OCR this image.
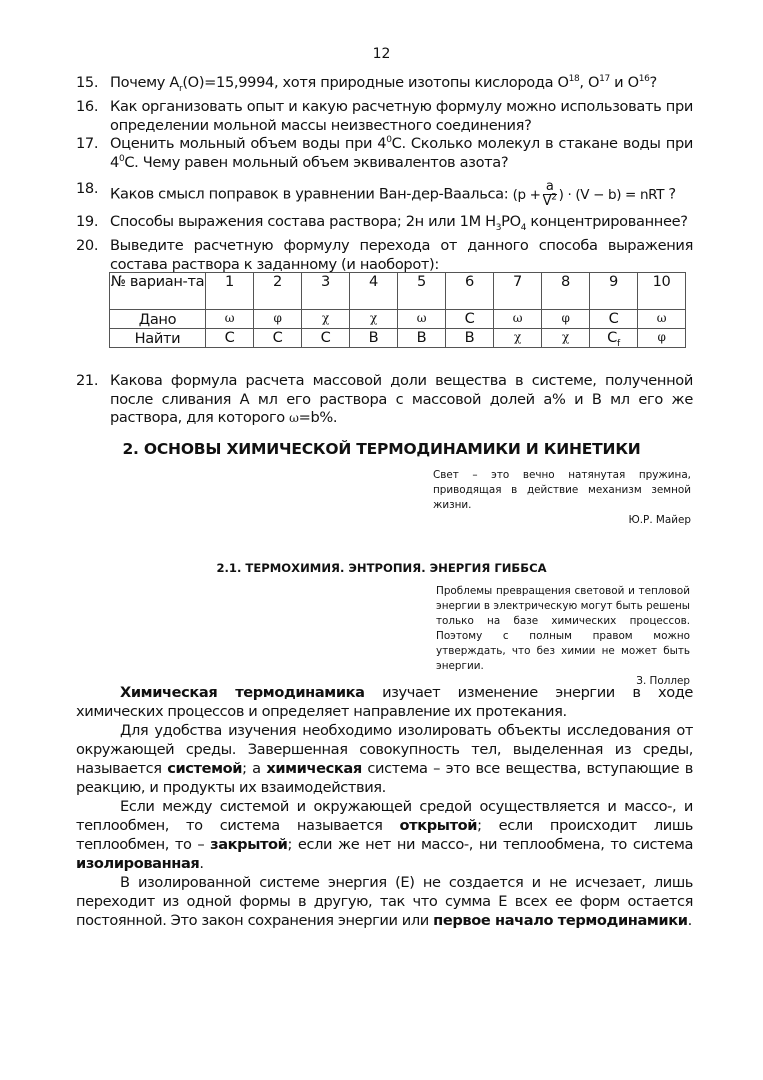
12
15. Почему $A_r(O)=15,9994$, хотя природные изотопы кислорода $O^{18}$, $O^{17}$ и $O^{16}$?
16. Как организовать опыт и какую расчетную формулу можно использовать при определении мольной массы неизвестного соединения?
17. Оценить мольный объем воды при $4^0С$. Сколько молекул в стакане воды при $4^0С$. Чему равен мольный объем эквивалентов азота?
18. Каков смысл поправок в уравнении Ван-дер-Ваальса: ($p + \frac{a}{V^2}$ ) · (V − b) = nRT ?
19. Способы выражения состава раствора; 2н или 1М $H_3PO_4$ концентрированнее?
20. Выведите расчетную формулу перехода от данного способа выражения состава раствора к заданному (и наоборот):
№ вариан-та	1	2	3	4	5	6	7	8	9	10
Дано	ω	φ	χ	χ	ω	C	ω	φ	C	ω
Найти	C	C	C	B	B	B	χ	χ	$C_f$	φ
21. Какова формула расчета массовой доли вещества в системе, полученной после сливания А мл его раствора с массовой долей a% и В мл его же раствора, для которого ω=b%.
2. ОСНОВЫ ХИМИЧЕСКОЙ ТЕРМОДИНАМИКИ И КИНЕТИКИ
Свет – это вечно натянутая пружина, приводящая в действие механизм земной жизни.
Ю.Р. Майер
2.1. ТЕРМОХИМИЯ. ЭНТРОПИЯ. ЭНЕРГИЯ ГИББСА
Проблемы превращения световой и тепловой энергии в электрическую могут быть решены только на базе химических процессов. Поэтому с полным правом можно утверждать, что без химии не может быть энергии.
З. Поллер

Химическая термодинамика изучает изменение энергии в ходе химических процессов и определяет направление их протекания.

Для удобства изучения необходимо изолировать объекты исследования от окружающей среды. Завершенная совокупность тел, выделенная из среды, называется системой; а химическая система – это все вещества, вступающие в реакцию, и продукты их взаимодействия.

Если между системой и окружающей средой осуществляется и массо-, и теплообмен, то система называется открытой; если происходит лишь теплообмен, то – закрытой; если же нет ни массо-, ни теплообмена, то система изолированная.

В изолированной системе энергия (Е) не создается и не исчезает, лишь переходит из одной формы в другую, так что сумма Е всех ее форм остается постоянной. Это закон сохранения энергии или первое начало термодинамики.
